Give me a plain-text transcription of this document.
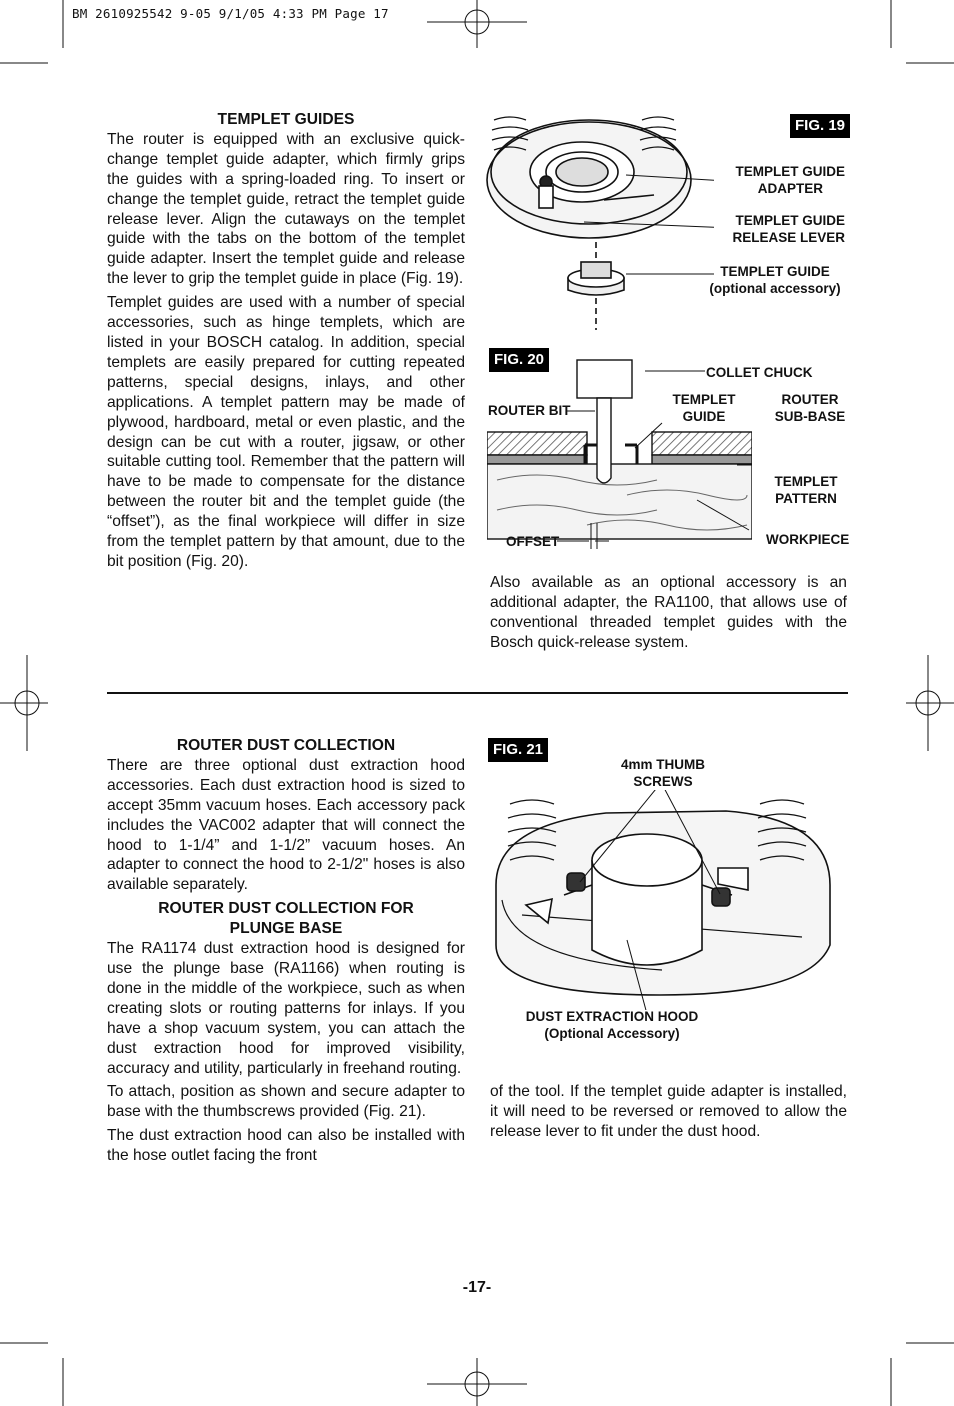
BM 2610925542 9-05 9/1/05 4:33 PM Page 17
TEMPLET GUIDES

The router is equipped with an exclusive quick-change templet guide adapter, which firmly grips the guides with a spring-loaded ring. To insert or change the templet guide, retract the templet guide release lever. Align the cutaways on the templet guide with the tabs on the bottom of the templet guide adapter. Insert the templet guide and release the lever to grip the templet guide in place (Fig. 19).

Templet guides are used with a number of special accessories, such as hinge templets, which are listed in your BOSCH catalog. In addition, special templets are easily prepared for cutting repeated patterns, special designs, inlays, and other applications. A templet pattern may be made of plywood, hardboard, metal or even plastic, and the design can be cut with a router, jigsaw, or other suitable cutting tool. Remember that the pattern will have to be made to compensate for the distance between the router bit and the templet guide (the “offset”), as the final workpiece will differ in size from the templet pattern by that amount, due to the bit position (Fig. 20).

FIG. 19
TEMPLET GUIDE
ADAPTER
TEMPLET GUIDE
RELEASE LEVER
TEMPLET GUIDE
(optional accessory)
FIG. 20
COLLET CHUCK
ROUTER BIT
TEMPLET
GUIDE
ROUTER
SUB-BASE
TEMPLET
PATTERN
OFFSET	WORKPIECE

Also available as an optional accessory is an additional adapter, the RA1100, that allows use of conventional threaded templet guides with the Bosch quick-release system.

ROUTER DUST COLLECTION

There are three optional dust extraction hood accessories. Each dust extraction hood is sized to accept 35mm vacuum hoses. Each accessory pack includes the VAC002 adapter that will connect the hood to 1-1/4” and 1-1/2” vacuum hoses. An adapter to connect the hood to 2-1/2" hoses is also available separately.

ROUTER DUST COLLECTION FOR
PLUNGE BASE

The RA1174 dust extraction hood is designed for use the plunge base (RA1166) when routing is done in the middle of the workpiece, such as when creating slots or routing patterns for inlays. If you have a shop vacuum system, you can attach the dust extraction hood for improved visibility, accuracy and utility, particularly in freehand routing.

To attach, position as shown and secure adapter to base with the thumbscrews provided (Fig. 21).

The dust extraction hood can also be installed with the hose outlet facing the front

FIG. 21
4mm THUMB
SCREWS
DUST EXTRACTION HOOD
(Optional Accessory)

of the tool. If the templet guide adapter is installed, it will need to be reversed or removed to allow the release lever to fit under the dust hood.

-17-
